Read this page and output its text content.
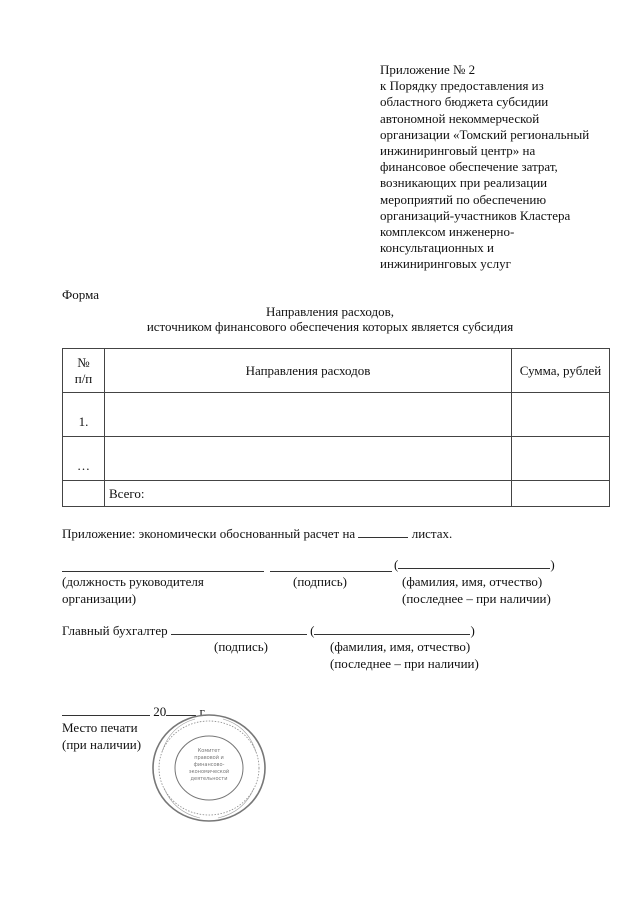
Приложение № 2
к Порядку предоставления из
областного бюджета субсидии
автономной некоммерческой
организации «Томский региональный
инжиниринговый центр» на
финансовое обеспечение затрат,
возникающих при реализации
мероприятий по обеспечению
организаций-участников Кластера
комплексом инженерно-
консультационных и
инжиниринговых услуг
Форма
Направления расходов,
источником финансового обеспечения которых является субсидия
№
п/п	Направления расходов	Сумма, рублей
1.		
…		
	Всего:	
Приложение: экономически обоснованный расчет на	листах.
(	)
(должность руководителя
организации)
(подпись)	(фамилия, имя, отчество)
(последнее – при наличии)
Главный бухгалтер	(	)
(подпись)	(фамилия, имя, отчество)
(последнее – при наличии)
20	г.
Место печати
(при наличии)	Комитет
правовой и
финансово-
экономической
деятельности
